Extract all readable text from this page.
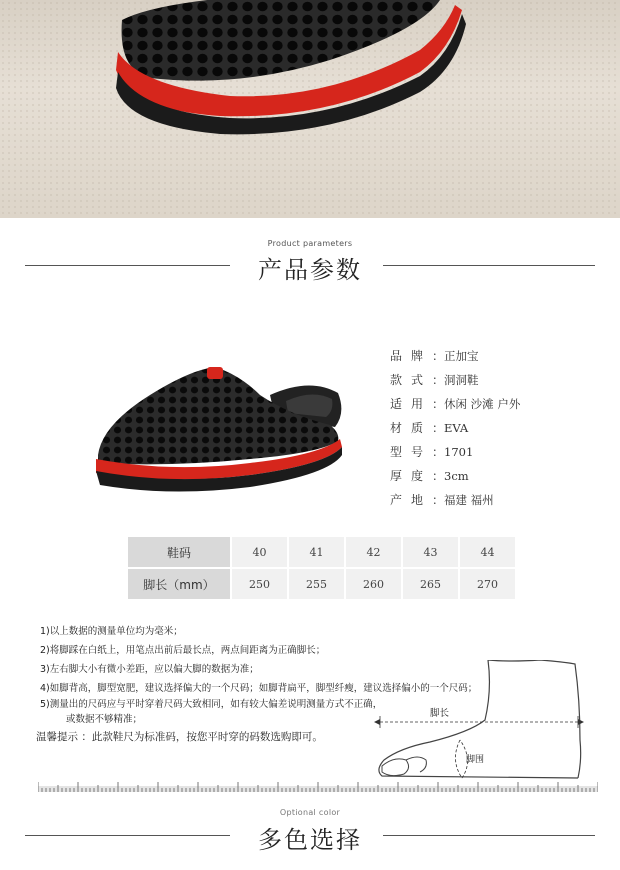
Product parameters
产品参数
品牌：正加宝
款式：洞洞鞋
适用：休闲 沙滩 户外
材质：EVA
型号：1701
厚度：3cm
产地：福建 福州
鞋码	40	41	42	43	44
脚长（mm）	250	255	260	265	270
脚长
脚围
1)以上数据的测量单位均为毫米；
2)将脚踩在白纸上，用笔点出前后最长点，两点间距离为正确脚长；
3)左右脚大小有微小差距，应以偏大脚的数据为准；
4)如脚背高，脚型宽肥，建议选择偏大的一个尺码；如脚背扁平，脚型纤瘦，建议选择偏小的一个尺码；
5)测量出的尺码应与平时穿着尺码大致相同，如有较大偏差说明测量方式不正确，
或数据不够精准；
温馨提示 ：此款鞋尺为标准码，按您平时穿的码数选购即可。
Optional color
多色选择
